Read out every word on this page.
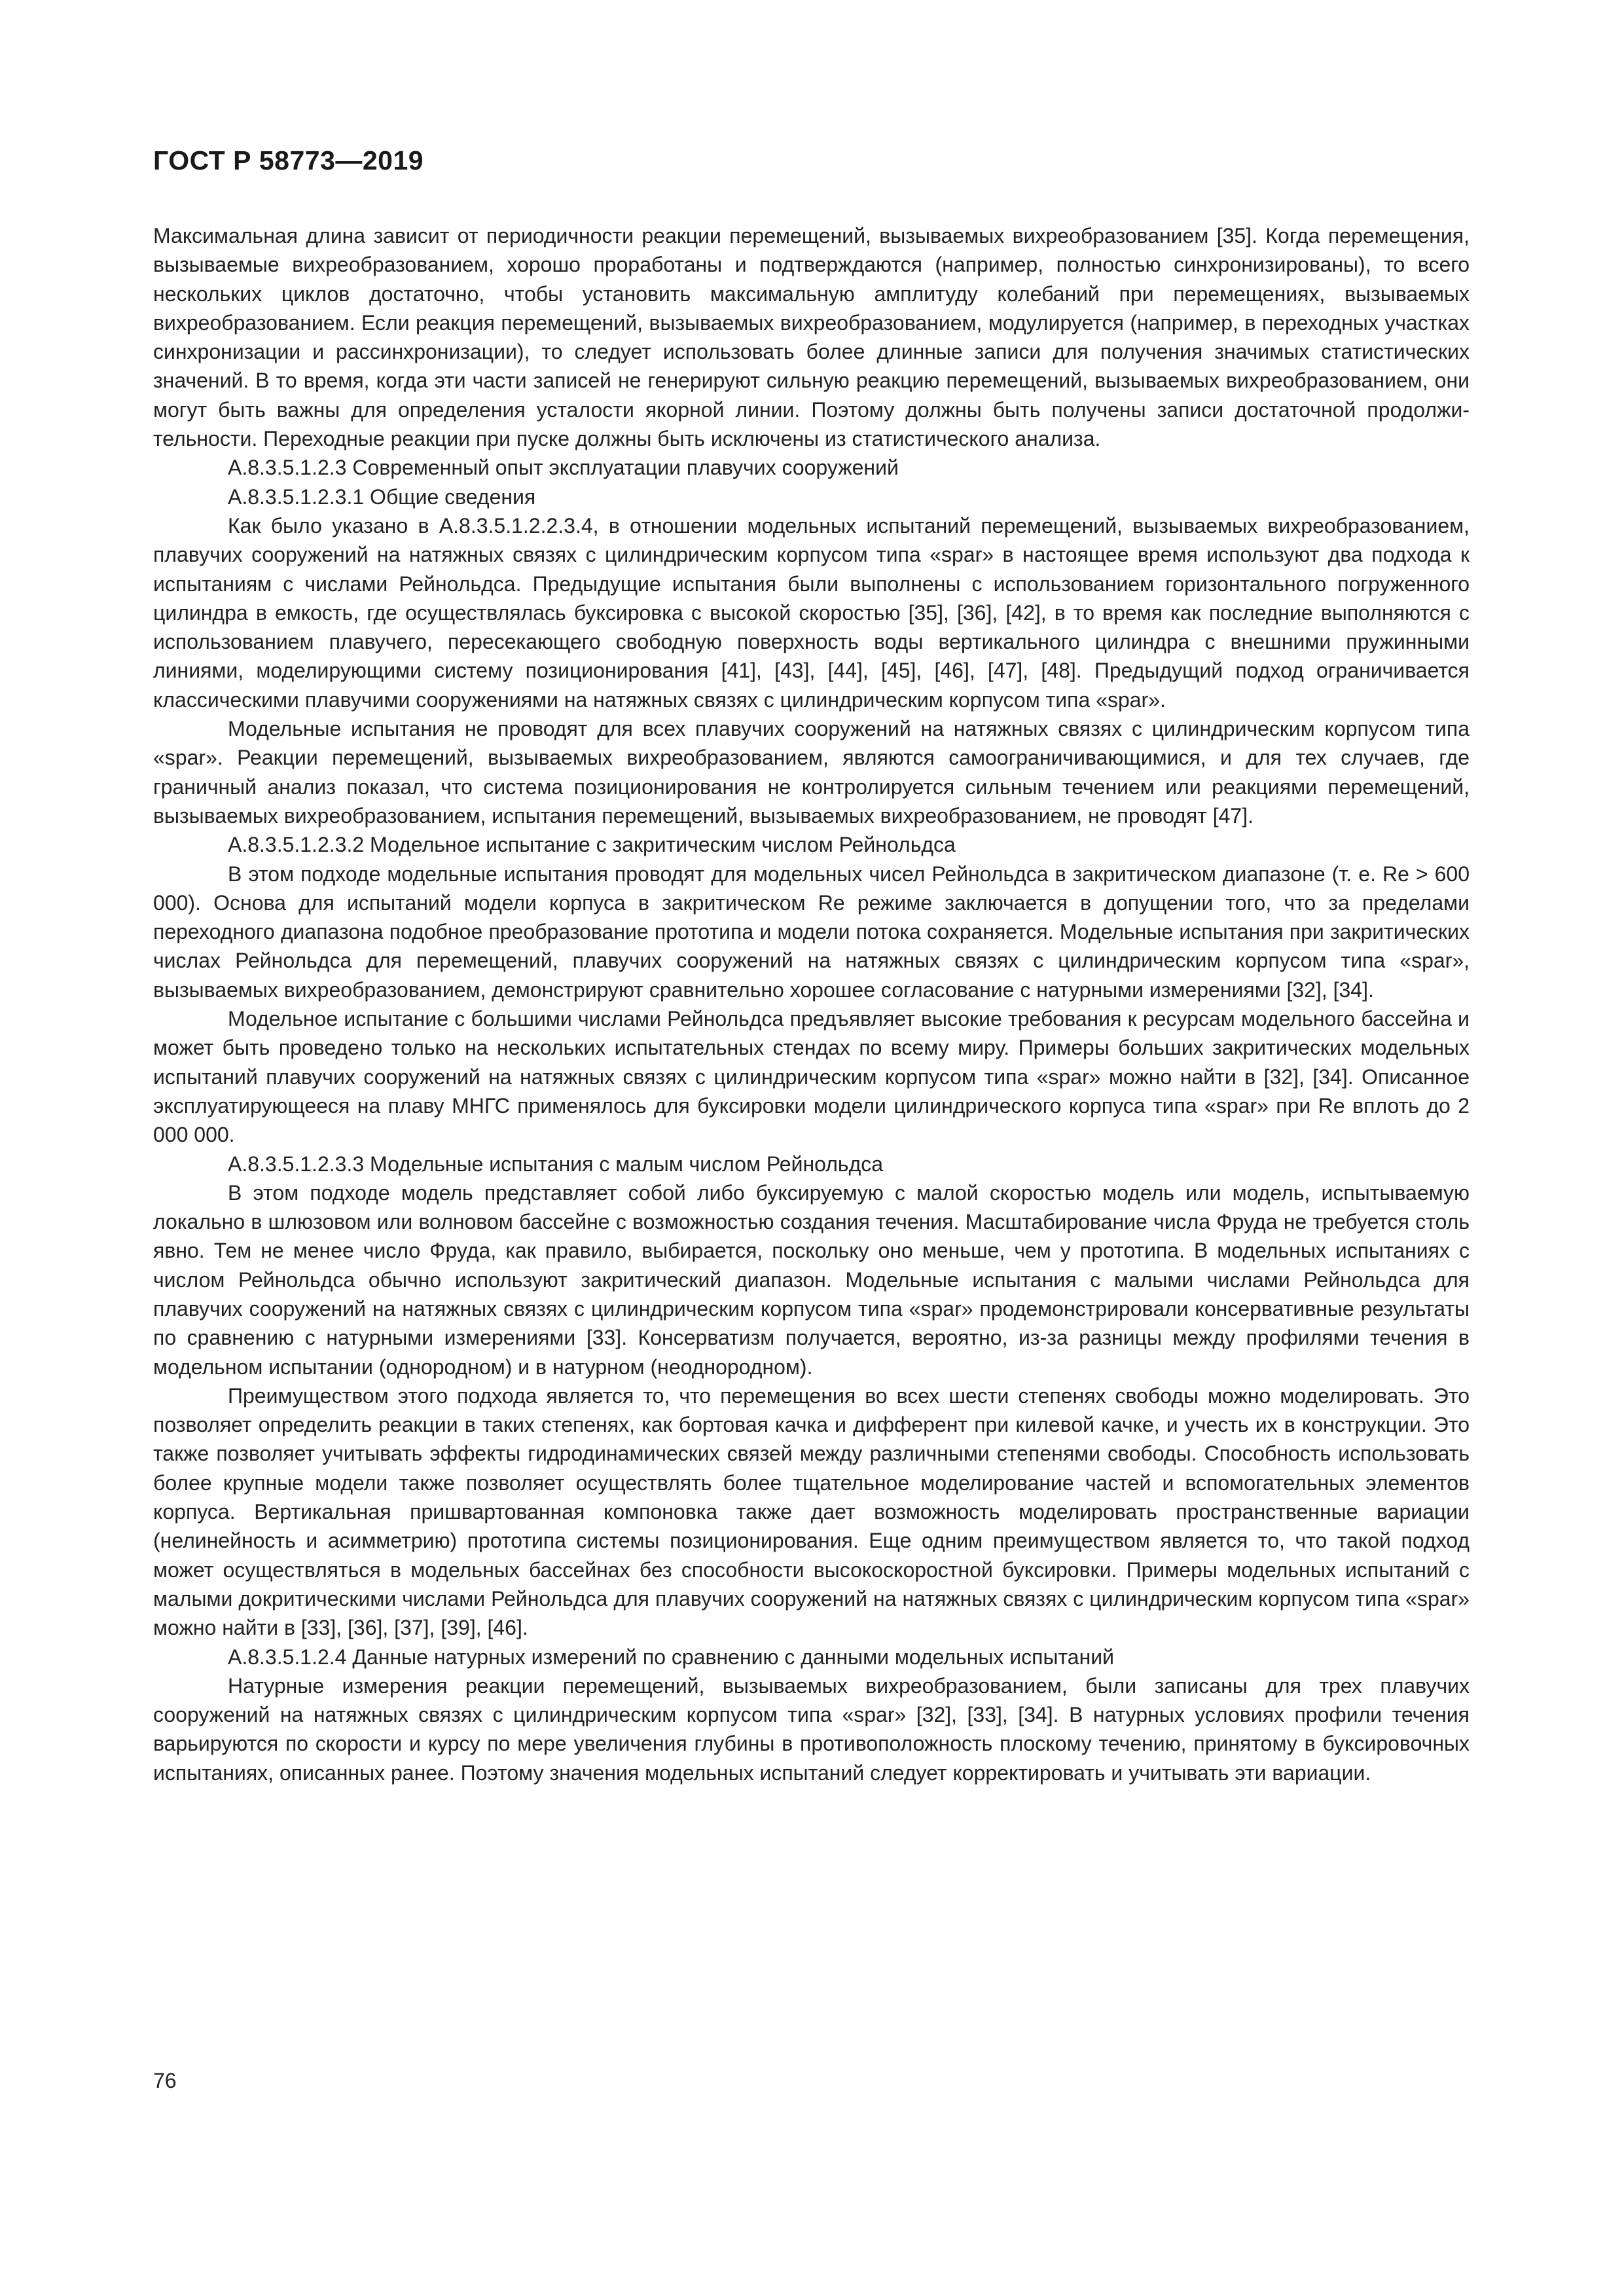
ГОСТ Р 58773—2019

Максимальная длина зависит от периодичности реакции перемещений, вызываемых вихреобразованием [35]. Когда перемещения, вызываемые вихреобразованием, хорошо проработаны и подтверждаются (например, полностью синхронизированы), то всего нескольких циклов достаточно, чтобы установить максимальную амплитуду колебаний при перемещениях, вызываемых вихреобразованием. Если реакция перемещений, вызываемых вихреобразованием, модулируется (например, в переходных участках синхронизации и рассинхронизации), то следует использовать более длинные записи для получения значимых статистических значений. В то время, когда эти части записей не генерируют сильную реакцию перемещений, вызываемых вихреобразованием, они могут быть важны для определения усталости якорной линии. Поэтому должны быть получены записи достаточной продолжительности. Переходные реакции при пуске должны быть исключены из статистического анализа.

А.8.3.5.1.2.3 Современный опыт эксплуатации плавучих сооружений

А.8.3.5.1.2.3.1 Общие сведения

Как было указано в А.8.3.5.1.2.2.3.4, в отношении модельных испытаний перемещений, вызываемых вихреобразованием, плавучих сооружений на натяжных связях с цилиндрическим корпусом типа «spar» в настоящее время используют два подхода к испытаниям с числами Рейнольдса. Предыдущие испытания были выполнены с использованием горизонтального погруженного цилиндра в емкость, где осуществлялась буксировка с высокой скоростью [35], [36], [42], в то время как последние выполняются с использованием плавучего, пересекающего свободную поверхность воды вертикального цилиндра с внешними пружинными линиями, моделирующими систему позиционирования [41], [43], [44], [45], [46], [47], [48]. Предыдущий подход ограничивается классическими плавучими сооружениями на натяжных связях с цилиндрическим корпусом типа «spar».

Модельные испытания не проводят для всех плавучих сооружений на натяжных связях с цилиндрическим корпусом типа «spar». Реакции перемещений, вызываемых вихреобразованием, являются самоограничивающимися, и для тех случаев, где граничный анализ показал, что система позиционирования не контролируется сильным течением или реакциями перемещений, вызываемых вихреобразованием, испытания перемещений, вызываемых вихреобразованием, не проводят [47].

А.8.3.5.1.2.3.2 Модельное испытание с закритическим числом Рейнольдса

В этом подходе модельные испытания проводят для модельных чисел Рейнольдса в закритическом диапазоне (т. е. Re > 600 000). Основа для испытаний модели корпуса в закритическом Re режиме заключается в допущении того, что за пределами переходного диапазона подобное преобразование прототипа и модели потока сохраняется. Модельные испытания при закритических числах Рейнольдса для перемещений, плавучих сооружений на натяжных связях с цилиндрическим корпусом типа «spar», вызываемых вихреобразованием, демонстрируют сравнительно хорошее согласование с натурными измерениями [32], [34].

Модельное испытание с большими числами Рейнольдса предъявляет высокие требования к ресурсам модельного бассейна и может быть проведено только на нескольких испытательных стендах по всему миру. Примеры больших закритических модельных испытаний плавучих сооружений на натяжных связях с цилиндрическим корпусом типа «spar» можно найти в [32], [34]. Описанное эксплуатирующееся на плаву МНГС применялось для буксировки модели цилиндрического корпуса типа «spar» при Re вплоть до 2 000 000.

А.8.3.5.1.2.3.3 Модельные испытания с малым числом Рейнольдса

В этом подходе модель представляет собой либо буксируемую с малой скоростью модель или модель, испытываемую локально в шлюзовом или волновом бассейне с возможностью создания течения. Масштабирование числа Фруда не требуется столь явно. Тем не менее число Фруда, как правило, выбирается, поскольку оно меньше, чем у прототипа. В модельных испытаниях с числом Рейнольдса обычно используют закритический диапазон. Модельные испытания с малыми числами Рейнольдса для плавучих сооружений на натяжных связях с цилиндрическим корпусом типа «spar» продемонстрировали консервативные результаты по сравнению с натурными измерениями [33]. Консерватизм получается, вероятно, из-за разницы между профилями течения в модельном испытании (однородном) и в натурном (неоднородном).

Преимуществом этого подхода является то, что перемещения во всех шести степенях свободы можно моделировать. Это позволяет определить реакции в таких степенях, как бортовая качка и дифферент при килевой качке, и учесть их в конструкции. Это также позволяет учитывать эффекты гидродинамических связей между различными степенями свободы. Способность использовать более крупные модели также позволяет осуществлять более тщательное моделирование частей и вспомогательных элементов корпуса. Вертикальная пришвартованная компоновка также дает возможность моделировать пространственные вариации (нелинейность и асимметрию) прототипа системы позиционирования. Еще одним преимуществом является то, что такой подход может осуществляться в модельных бассейнах без способности высокоскоростной буксировки. Примеры модельных испытаний с малыми докритическими числами Рейнольдса для плавучих сооружений на натяжных связях с цилиндрическим корпусом типа «spar» можно найти в [33], [36], [37], [39], [46].

А.8.3.5.1.2.4 Данные натурных измерений по сравнению с данными модельных испытаний

Натурные измерения реакции перемещений, вызываемых вихреобразованием, были записаны для трех плавучих сооружений на натяжных связях с цилиндрическим корпусом типа «spar» [32], [33], [34]. В натурных условиях профили течения варьируются по скорости и курсу по мере увеличения глубины в противоположность плоскому течению, принятому в буксировочных испытаниях, описанных ранее. Поэтому значения модельных испытаний следует корректировать и учитывать эти вариации.

76
